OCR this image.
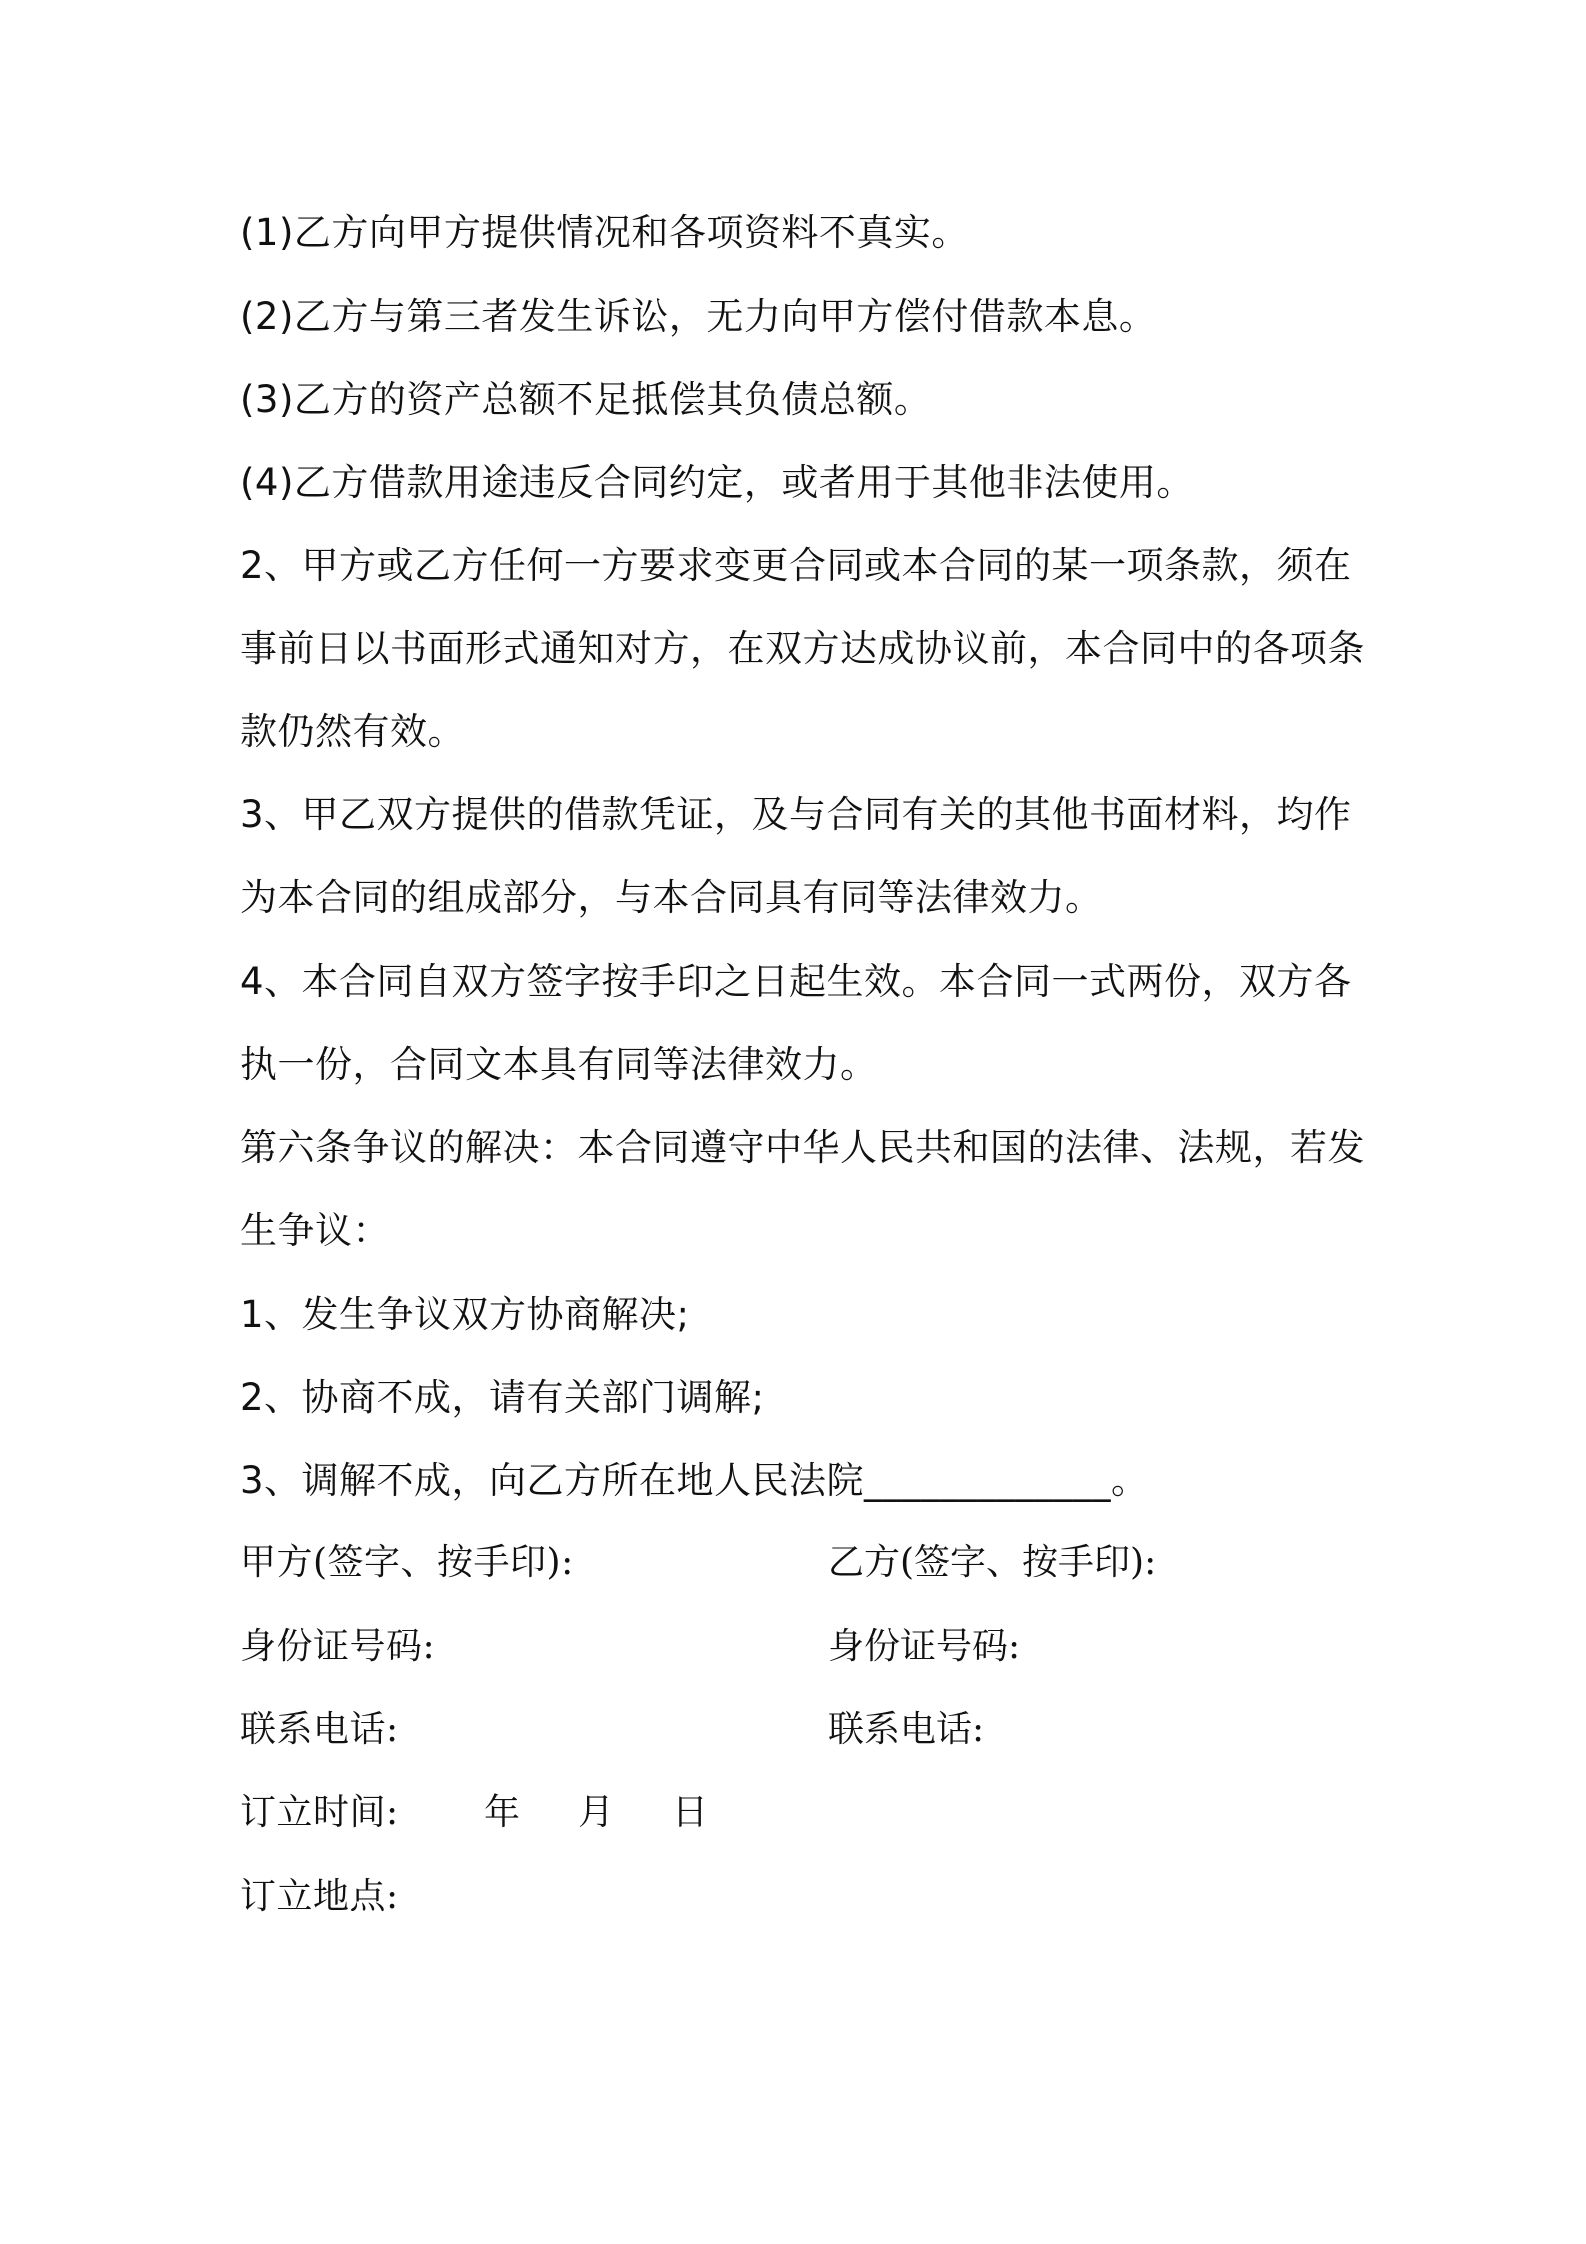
(1)乙方向甲方提供情况和各项资料不真实。
(2)乙方与第三者发生诉讼，无力向甲方偿付借款本息。
(3)乙方的资产总额不足抵偿其负债总额。
(4)乙方借款用途违反合同约定，或者用于其他非法使用。
2、甲方或乙方任何一方要求变更合同或本合同的某一项条款，须在
事前日以书面形式通知对方，在双方达成协议前，本合同中的各项条
款仍然有效。
3、甲乙双方提供的借款凭证，及与合同有关的其他书面材料，均作
为本合同的组成部分，与本合同具有同等法律效力。
4、本合同自双方签字按手印之日起生效。本合同一式两份，双方各
执一份，合同文本具有同等法律效力。
第六条争议的解决：本合同遵守中华人民共和国的法律、法规，若发
生争议：
1、发生争议双方协商解决;
2、协商不成，请有关部门调解;
3、调解不成，向乙方所在地人民法院_____________。
甲方(签字、按手印):	乙方(签字、按手印):
身份证号码:	身份证号码:
联系电话:	联系电话:
订立时间:	年 月 日
订立地点:
